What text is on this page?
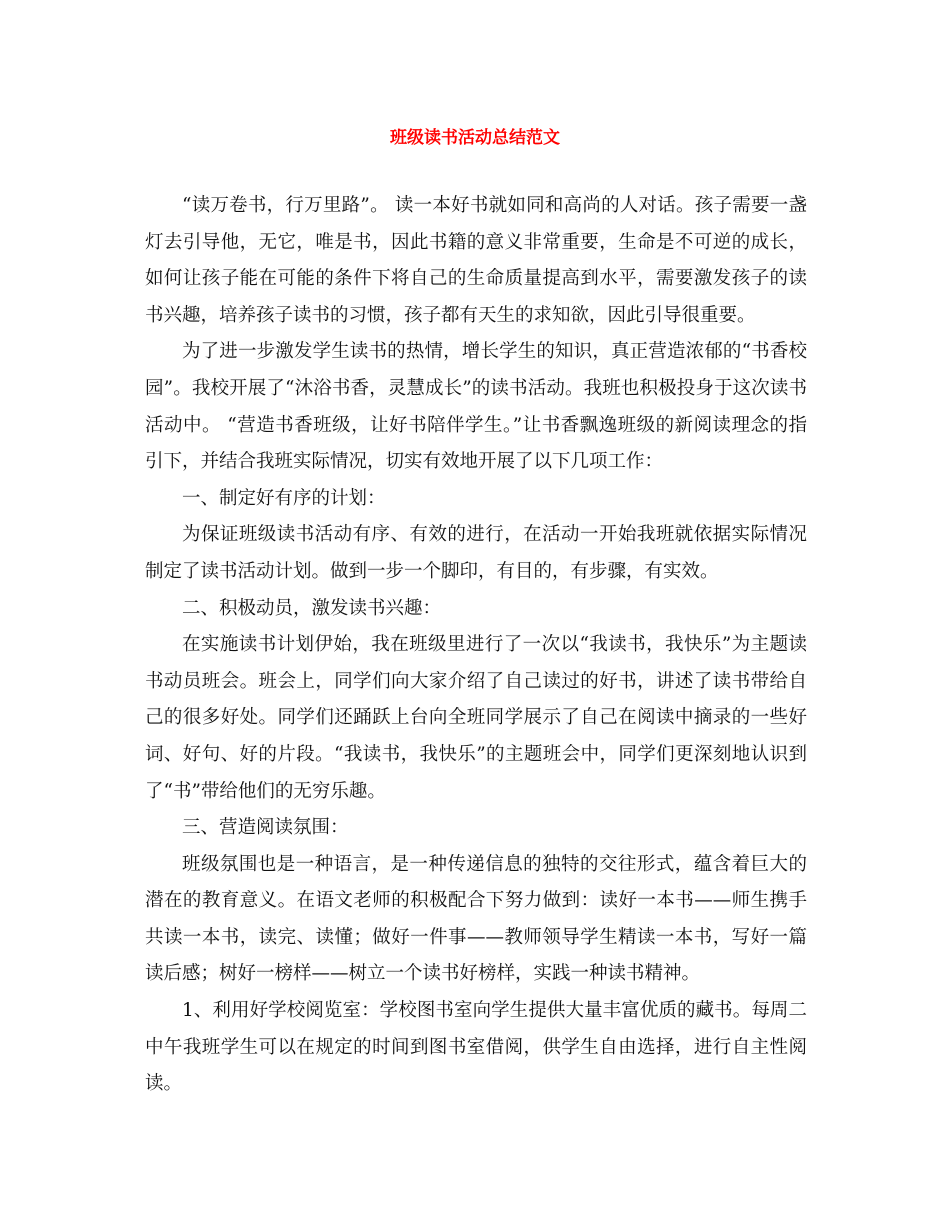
班级读书活动总结范文

“读万卷书，行万里路”。 读一本好书就如同和高尚的人对话。孩子需要一盏灯去引导他，无它，唯是书，因此书籍的意义非常重要，生命是不可逆的成长，如何让孩子能在可能的条件下将自己的生命质量提高到水平，需要激发孩子的读书兴趣，培养孩子读书的习惯，孩子都有天生的求知欲，因此引导很重要。

为了进一步激发学生读书的热情，增长学生的知识，真正营造浓郁的“书香校园”。我校开展了“沐浴书香，灵慧成长”的读书活动。我班也积极投身于这次读书活动中。 “营造书香班级，让好书陪伴学生。”让书香飘逸班级的新阅读理念的指引下，并结合我班实际情况，切实有效地开展了以下几项工作：

一、制定好有序的计划：

为保证班级读书活动有序、有效的进行，在活动一开始我班就依据实际情况制定了读书活动计划。做到一步一个脚印，有目的，有步骤，有实效。

二、积极动员，激发读书兴趣：

在实施读书计划伊始，我在班级里进行了一次以“我读书，我快乐”为主题读书动员班会。班会上，同学们向大家介绍了自己读过的好书，讲述了读书带给自己的很多好处。同学们还踊跃上台向全班同学展示了自己在阅读中摘录的一些好词、好句、好的片段。“我读书，我快乐”的主题班会中，同学们更深刻地认识到了“书”带给他们的无穷乐趣。

三、营造阅读氛围：

班级氛围也是一种语言，是一种传递信息的独特的交往形式，蕴含着巨大的潜在的教育意义。在语文老师的积极配合下努力做到：读好一本书——师生携手共读一本书，读完、读懂；做好一件事——教师领导学生精读一本书，写好一篇读后感；树好一榜样——树立一个读书好榜样，实践一种读书精神。

1、利用好学校阅览室：学校图书室向学生提供大量丰富优质的藏书。每周二中午我班学生可以在规定的时间到图书室借阅，供学生自由选择，进行自主性阅读。
